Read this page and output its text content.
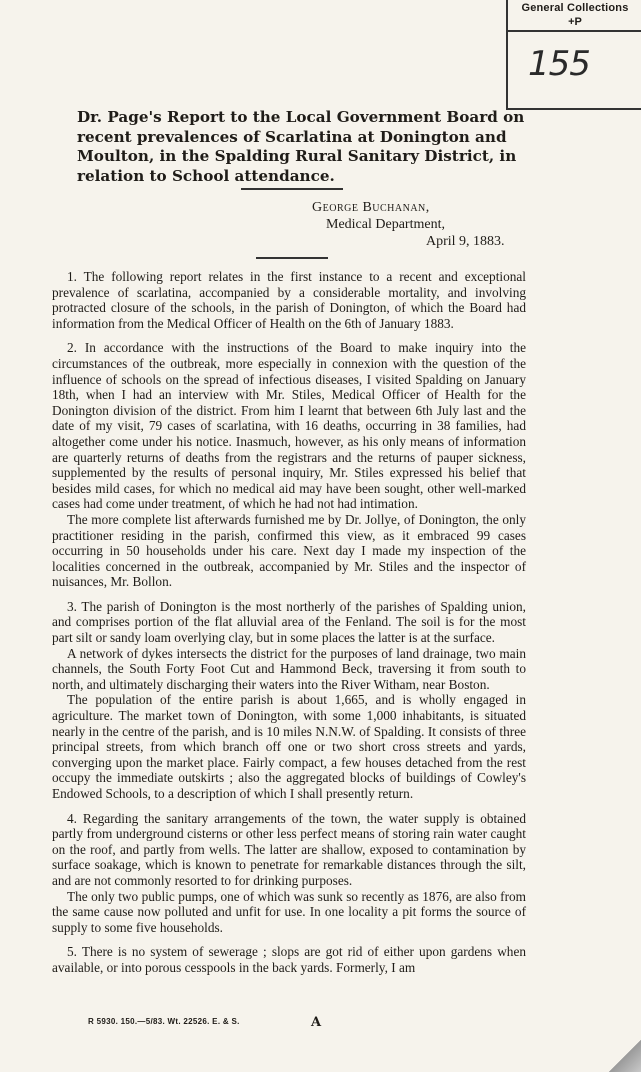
General Collections
+P
155
Dr. Page's Report to the Local Government Board on recent prevalences of Scarlatina at Donington and Moulton, in the Spalding Rural Sanitary District, in relation to School attendance.
George Buchanan,
Medical Department,
April 9, 1883.

1. The following report relates in the first instance to a recent and exceptional prevalence of scarlatina, accompanied by a considerable mortality, and involving protracted closure of the schools, in the parish of Donington, of which the Board had information from the Medical Officer of Health on the 6th of January 1883.

2. In accordance with the instructions of the Board to make inquiry into the circumstances of the outbreak, more especially in connexion with the question of the influence of schools on the spread of infectious diseases, I visited Spalding on January 18th, when I had an interview with Mr. Stiles, Medical Officer of Health for the Donington division of the district. From him I learnt that between 6th July last and the date of my visit, 79 cases of scarlatina, with 16 deaths, occurring in 38 families, had altogether come under his notice. Inasmuch, however, as his only means of information are quarterly returns of deaths from the registrars and the returns of pauper sickness, supplemented by the results of personal inquiry, Mr. Stiles expressed his belief that besides mild cases, for which no medical aid may have been sought, other well-marked cases had come under treatment, of which he had not had intimation.

The more complete list afterwards furnished me by Dr. Jollye, of Donington, the only practitioner residing in the parish, confirmed this view, as it embraced 99 cases occurring in 50 households under his care. Next day I made my inspection of the localities concerned in the outbreak, accompanied by Mr. Stiles and the inspector of nuisances, Mr. Bollon.

3. The parish of Donington is the most northerly of the parishes of Spalding union, and comprises portion of the flat alluvial area of the Fenland. The soil is for the most part silt or sandy loam overlying clay, but in some places the latter is at the surface.

A network of dykes intersects the district for the purposes of land drainage, two main channels, the South Forty Foot Cut and Hammond Beck, traversing it from south to north, and ultimately discharging their waters into the River Witham, near Boston.

The population of the entire parish is about 1,665, and is wholly engaged in agriculture. The market town of Donington, with some 1,000 inhabitants, is situated nearly in the centre of the parish, and is 10 miles N.N.W. of Spalding. It consists of three principal streets, from which branch off one or two short cross streets and yards, converging upon the market place. Fairly compact, a few houses detached from the rest occupy the immediate outskirts ; also the aggregated blocks of buildings of Cowley's Endowed Schools, to a description of which I shall presently return.

4. Regarding the sanitary arrangements of the town, the water supply is obtained partly from underground cisterns or other less perfect means of storing rain water caught on the roof, and partly from wells. The latter are shallow, exposed to contamination by surface soakage, which is known to penetrate for remarkable distances through the silt, and are not commonly resorted to for drinking purposes.

The only two public pumps, one of which was sunk so recently as 1876, are also from the same cause now polluted and unfit for use. In one locality a pit forms the source of supply to some five households.

5. There is no system of sewerage ; slops are got rid of either upon gardens when available, or into porous cesspools in the back yards. Formerly, I am

R 5930. 150.—5/83. Wt. 22526. E. & S.	A
